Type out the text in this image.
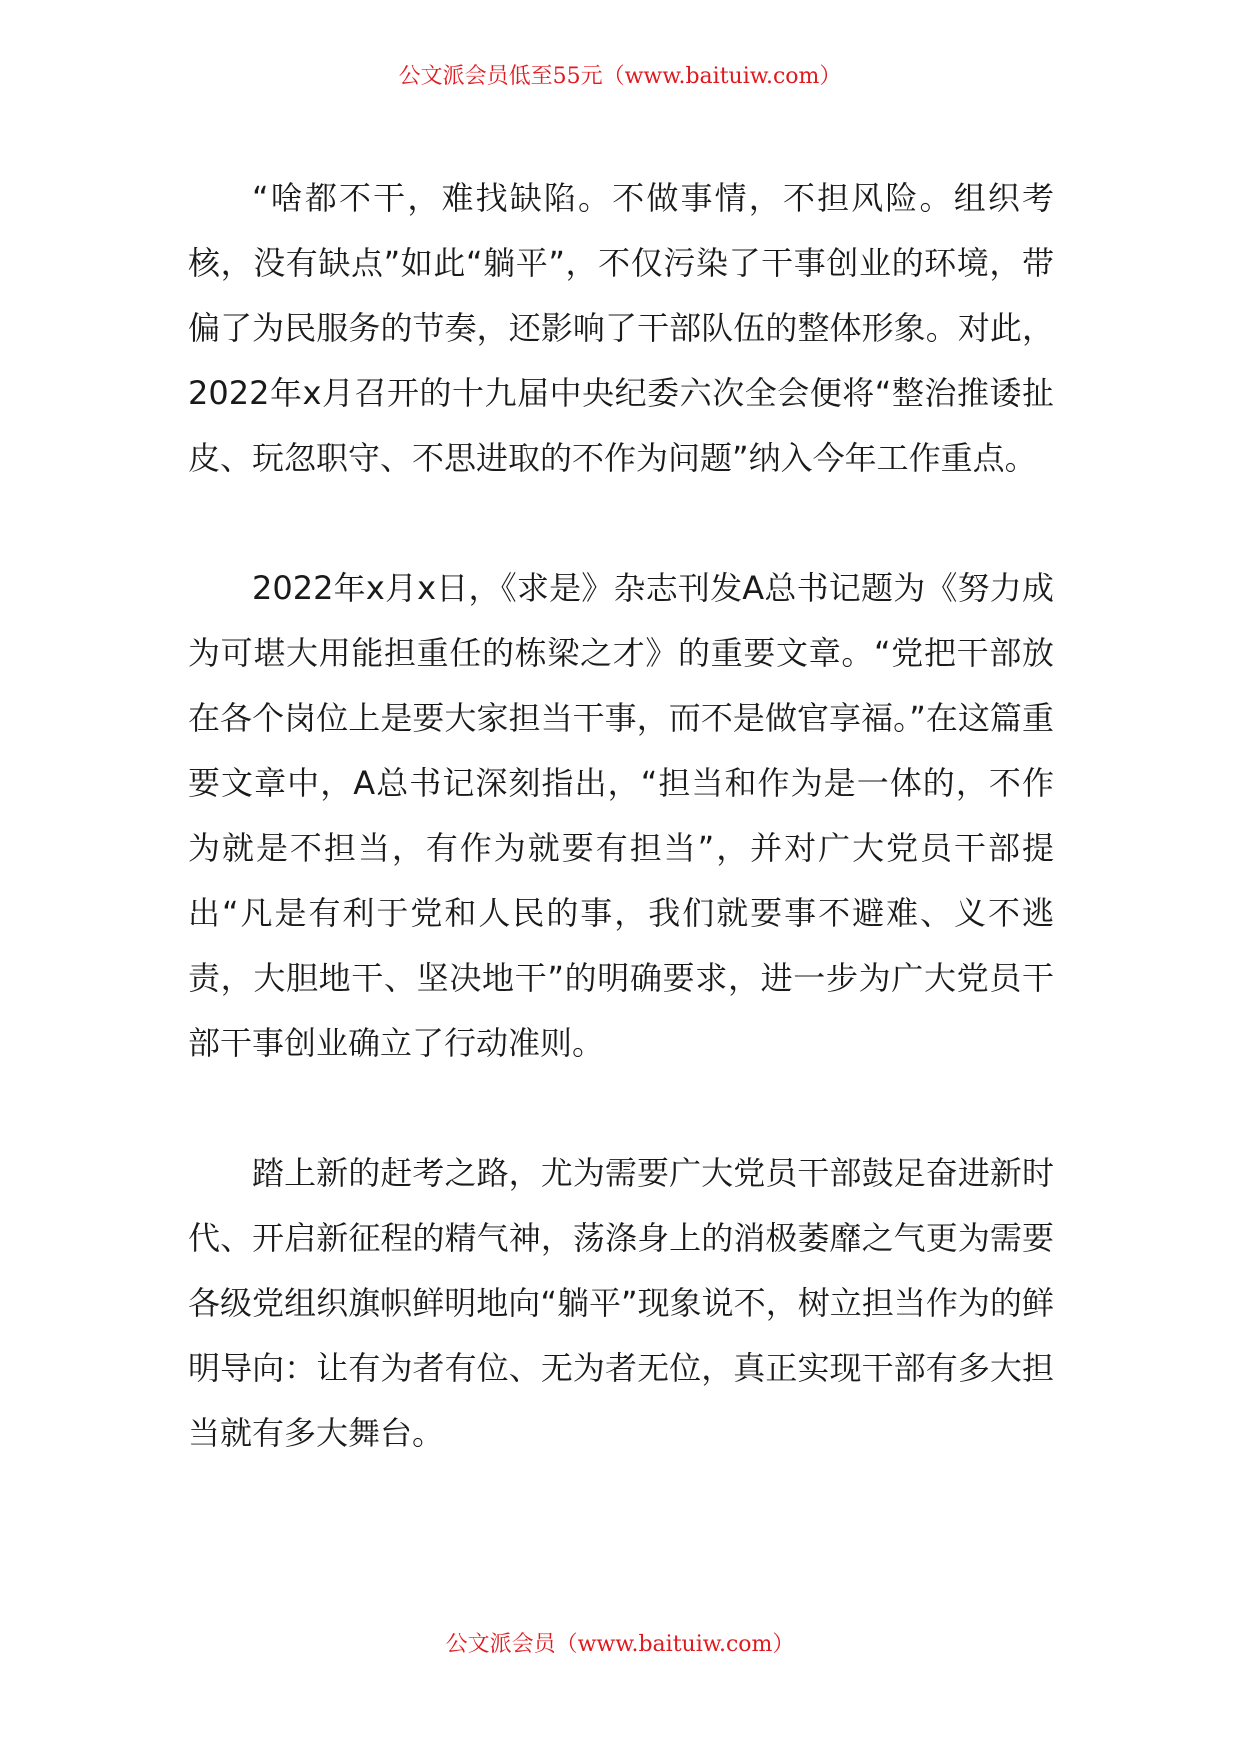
公文派会员低至55元（www.baituiw.com）

“啥都不干，难找缺陷。不做事情，不担风险。组织考核，没有缺点”如此“躺平”，不仅污染了干事创业的环境，带偏了为民服务的节奏，还影响了干部队伍的整体形象。对此，2022年x月召开的十九届中央纪委六次全会便将“整治推诿扯皮、玩忽职守、不思进取的不作为问题”纳入今年工作重点。

2022年x月x日，《求是》杂志刊发A总书记题为《努力成为可堪大用能担重任的栋梁之才》的重要文章。“党把干部放在各个岗位上是要大家担当干事，而不是做官享福。”在这篇重要文章中，A总书记深刻指出，“担当和作为是一体的，不作为就是不担当，有作为就要有担当”，并对广大党员干部提出“凡是有利于党和人民的事，我们就要事不避难、义不逃责，大胆地干、坚决地干”的明确要求，进一步为广大党员干部干事创业确立了行动准则。

踏上新的赶考之路，尤为需要广大党员干部鼓足奋进新时代、开启新征程的精气神，荡涤身上的消极萎靡之气更为需要各级党组织旗帜鲜明地向“躺平”现象说不，树立担当作为的鲜明导向：让有为者有位、无为者无位，真正实现干部有多大担当就有多大舞台。

公文派会员（www.baituiw.com）
